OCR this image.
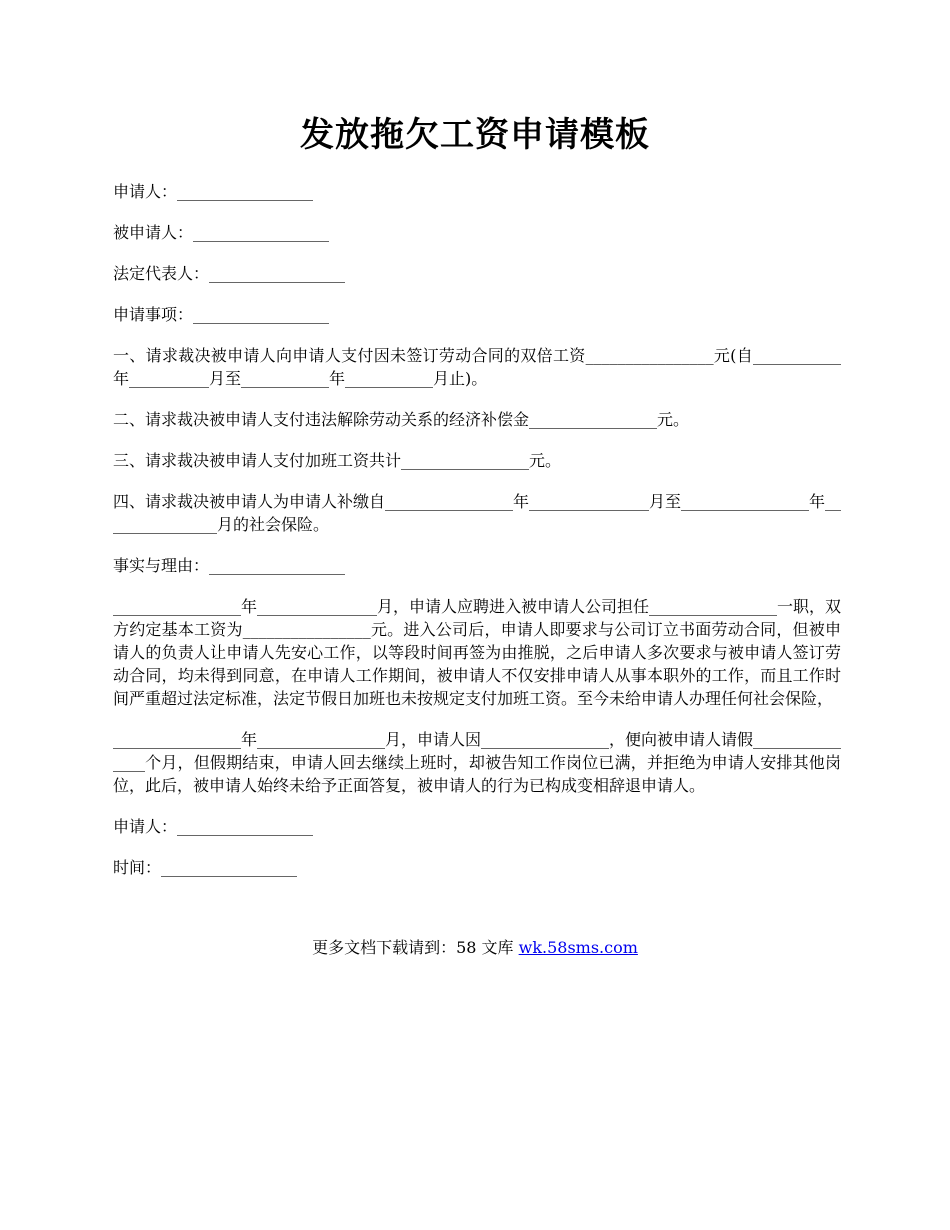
发放拖欠工资申请模板

申请人：_________________

被申请人：_________________

法定代表人：_________________

申请事项：_________________

一、请求裁决被申请人向申请人支付因未签订劳动合同的双倍工资________________元(自___________年__________月至___________年___________月止)。

二、请求裁决被申请人支付违法解除劳动关系的经济补偿金________________元。

三、请求裁决被申请人支付加班工资共计________________元。

四、请求裁决被申请人为申请人补缴自________________年_______________月至________________年_______________月的社会保险。

事实与理由：_________________

________________年_______________月，申请人应聘进入被申请人公司担任________________一职，双方约定基本工资为________________元。进入公司后，申请人即要求与公司订立书面劳动合同，但被申请人的负责人让申请人先安心工作，以等段时间再签为由推脱，之后申请人多次要求与被申请人签订劳动合同，均未得到同意，在申请人工作期间，被申请人不仅安排申请人从事本职外的工作，而且工作时间严重超过法定标准，法定节假日加班也未按规定支付加班工资。至今未给申请人办理任何社会保险，

________________年________________月，申请人因________________，便向被申请人请假_______________个月，但假期结束，申请人回去继续上班时，却被告知工作岗位已满，并拒绝为申请人安排其他岗位，此后，被申请人始终未给予正面答复，被申请人的行为已构成变相辞退申请人。

申请人：_________________

时间：_________________

更多文档下载请到：58 文库 wk.58sms.com
